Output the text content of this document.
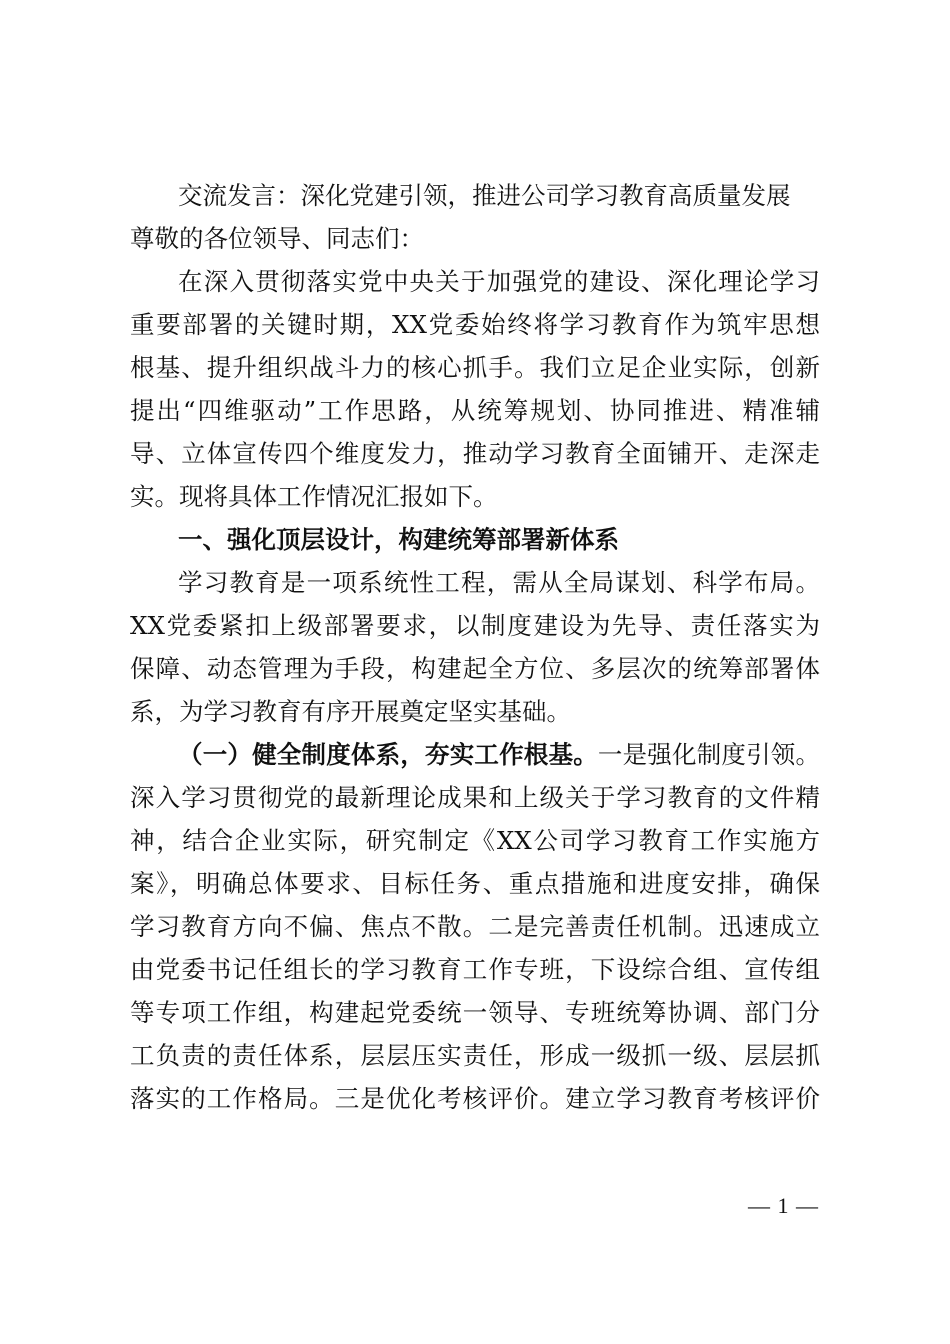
交流发言：深化党建引领，推进公司学习教育高质量发展
尊敬的各位领导、同志们：
在深入贯彻落实党中央关于加强党的建设、深化理论学习
重要部署的关键时期，XX党委始终将学习教育作为筑牢思想
根基、提升组织战斗力的核心抓手。我们立足企业实际，创新
提出“四维驱动”工作思路，从统筹规划、协同推进、精准辅
导、立体宣传四个维度发力，推动学习教育全面铺开、走深走
实。现将具体工作情况汇报如下。
一、强化顶层设计，构建统筹部署新体系
学习教育是一项系统性工程，需从全局谋划、科学布局。
XX党委紧扣上级部署要求，以制度建设为先导、责任落实为
保障、动态管理为手段，构建起全方位、多层次的统筹部署体
系，为学习教育有序开展奠定坚实基础。
（一）健全制度体系，夯实工作根基。一是强化制度引领。
深入学习贯彻党的最新理论成果和上级关于学习教育的文件精
神，结合企业实际，研究制定《XX公司学习教育工作实施方
案》，明确总体要求、目标任务、重点措施和进度安排，确保
学习教育方向不偏、焦点不散。二是完善责任机制。迅速成立
由党委书记任组长的学习教育工作专班，下设综合组、宣传组
等专项工作组，构建起党委统一领导、专班统筹协调、部门分
工负责的责任体系，层层压实责任，形成一级抓一级、层层抓
落实的工作格局。三是优化考核评价。建立学习教育考核评价
— 1 —
